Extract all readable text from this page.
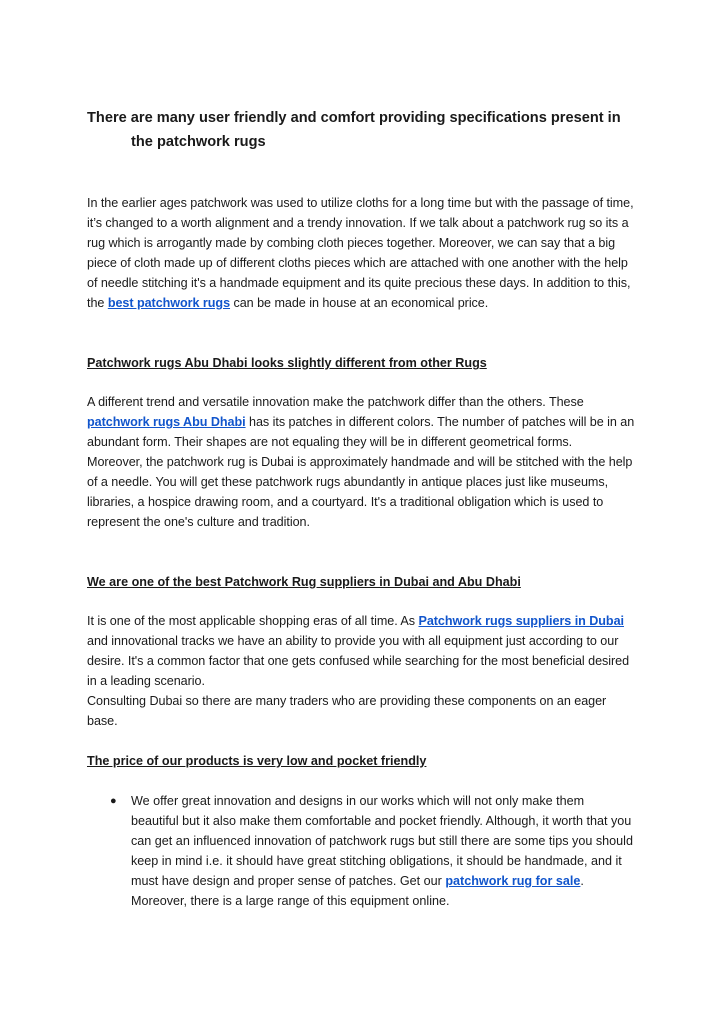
There are many user friendly and comfort providing specifications present in
the patchwork rugs
In the earlier ages patchwork was used to utilize cloths for a long time but with the passage of time, it’s changed to a worth alignment and a trendy innovation. If we talk about a patchwork rug so its a rug which is arrogantly made by combing cloth pieces together. Moreover, we can say that a big piece of cloth made up of different cloths pieces which are attached with one another with the help of needle stitching it's a handmade equipment and its quite precious these days. In addition to this, the best patchwork rugs can be made in house at an economical price.
Patchwork rugs Abu Dhabi looks slightly different from other Rugs
A different trend and versatile innovation make the patchwork differ than the others. These patchwork rugs Abu Dhabi has its patches in different colors. The number of patches will be in an abundant form. Their shapes are not equaling they will be in different geometrical forms.
Moreover, the patchwork rug is Dubai is approximately handmade and will be stitched with the help of a needle. You will get these patchwork rugs abundantly in antique places just like museums, libraries, a hospice drawing room, and a courtyard. It's a traditional obligation which is used to represent the one's culture and tradition.
We are one of the best Patchwork Rug suppliers in Dubai and Abu Dhabi
It is one of the most applicable shopping eras of all time. As Patchwork rugs suppliers in Dubai and innovational tracks we have an ability to provide you with all equipment just according to our desire. It's a common factor that one gets confused while searching for the most beneficial desired in a leading scenario.
Consulting Dubai so there are many traders who are providing these components on an eager base.
The price of our products is very low and pocket friendly
● We offer great innovation and designs in our works which will not only make them beautiful but it also make them comfortable and pocket friendly. Although, it worth that you can get an influenced innovation of patchwork rugs but still there are some tips you should keep in mind i.e. it should have great stitching obligations, it should be handmade, and it must have design and proper sense of patches. Get our patchwork rug for sale. Moreover, there is a large range of this equipment online.
